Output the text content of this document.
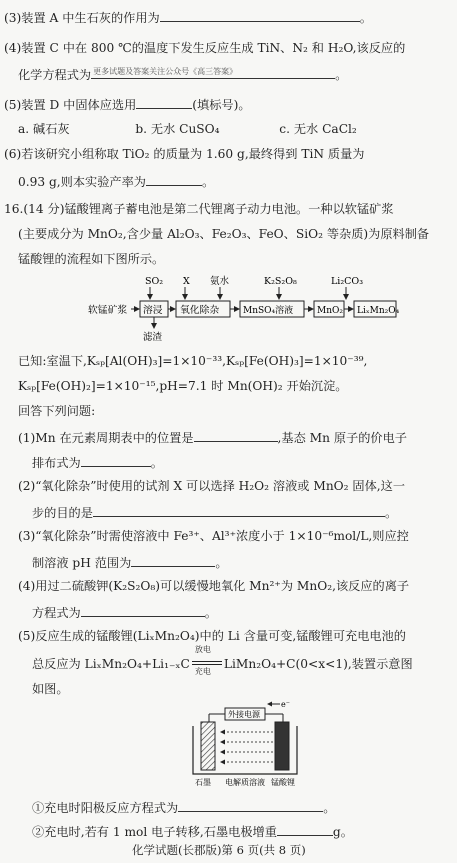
(3)装置 A 中生石灰的作用为	。
(4)装置 C 中在 800 ℃的温度下发生反应生成 TiN、N₂ 和 H₂O,该反应的
化学方程式为 更多试题及答案关注公众号《高三答案》	。
(5)装置 D 中固体应选用	(填标号)。
a. 碱石灰	b. 无水 CuSO₄	c. 无水 CaCl₂
(6)若该研究小组称取 TiO₂ 的质量为 1.60 g,最终得到 TiN 质量为
0.93 g,则本实验产率为	。
16.(14 分)锰酸锂离子蓄电池是第二代锂离子动力电池。一种以软锰矿浆
(主要成分为 MnO₂,含少量 Al₂O₃、Fe₂O₃、FeO、SiO₂ 等杂质)为原料制备
锰酸锂的流程如下图所示。
SO₂ X 氨水	K₂S₂O₈	Li₂CO₃
软锰矿浆 溶浸 氧化除杂	MnSO₄溶液	MnO₂ LiₓMn₂O₄
滤渣
已知:室温下,Kₛₚ[Al(OH)₃]=1×10⁻³³,Kₛₚ[Fe(OH)₃]=1×10⁻³⁹,
Kₛₚ[Fe(OH)₂]=1×10⁻¹⁵,pH=7.1 时 Mn(OH)₂ 开始沉淀。
回答下列问题:
(1)Mn 在元素周期表中的位置是	,基态 Mn 原子的价电子
排布式为	。
(2)“氧化除杂”时使用的试剂 X 可以选择 H₂O₂ 溶液或 MnO₂ 固体,这一
步的目的是	。
(3)“氧化除杂”时需使溶液中 Fe³⁺、Al³⁺浓度小于 1×10⁻⁶mol/L,则应控
制溶液 pH 范围为	。
(4)用过二硫酸钾(K₂S₂O₈)可以缓慢地氧化 Mn²⁺为 MnO₂,该反应的离子
方程式为	。
(5)反应生成的锰酸锂(LiₓMn₂O₄)中的 Li 含量可变,锰酸锂可充电电池的
总反应为 LiₓMn₂O₄+Li₁₋ₓC
放电
充电
LiMn₂O₄+C(0<x<1),装置示意图
如图。
外接电源
e⁻
石墨 电解质溶液 锰酸锂
①充电时阳极反应方程式为	。
②充电时,若有 1 mol 电子转移,石墨电极增重	g。
化学试题(长郡版)第 6 页(共 8 页)
